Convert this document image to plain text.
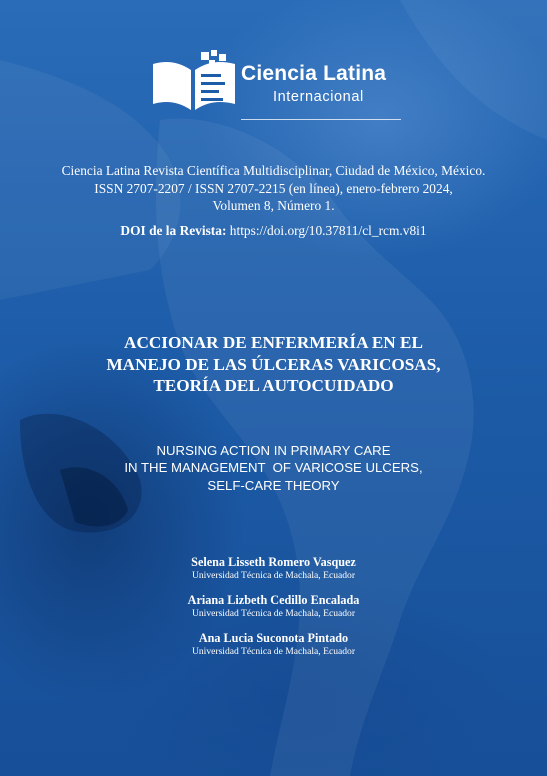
Ciencia Latina
Internacional
Ciencia Latina Revista Científica Multidisciplinar, Ciudad de México, México.
ISSN 2707-2207 / ISSN 2707-2215 (en línea), enero-febrero 2024,
Volumen 8, Número 1.
DOI de la Revista: https://doi.org/10.37811/cl_rcm.v8i1
ACCIONAR DE ENFERMERÍA EN EL
MANEJO DE LAS ÚLCERAS VARICOSAS,
TEORÍA DEL AUTOCUIDADO
NURSING ACTION IN PRIMARY CARE
IN THE MANAGEMENT  OF VARICOSE ULCERS,
SELF-CARE THEORY
Selena Lisseth Romero Vasquez
Universidad Técnica de Machala, Ecuador
Ariana Lizbeth Cedillo Encalada
Universidad Técnica de Machala, Ecuador
Ana Lucia Suconota Pintado
Universidad Técnica de Machala, Ecuador
